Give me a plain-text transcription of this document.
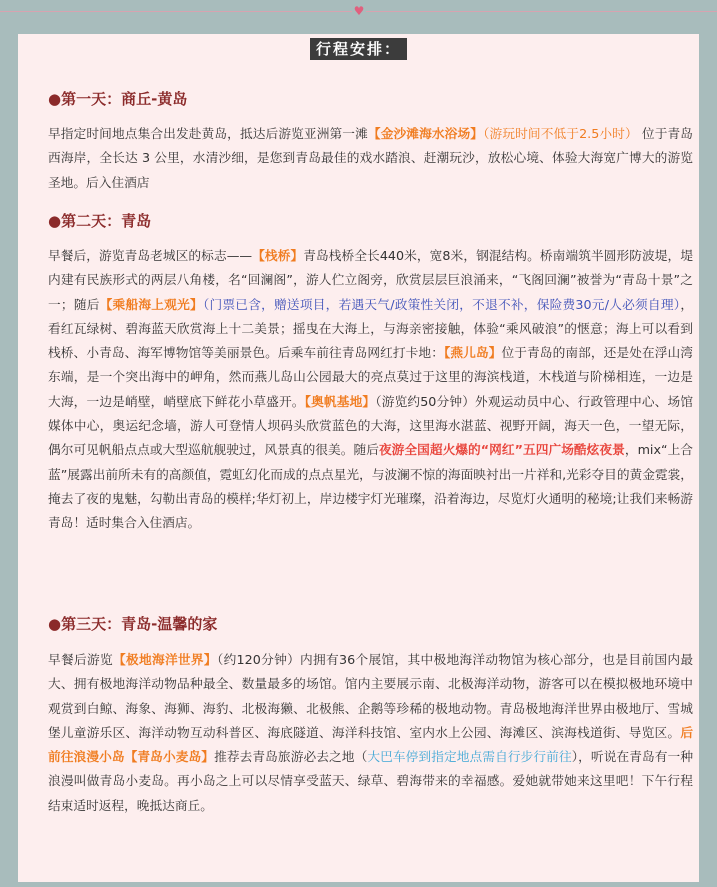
♥
行程安排：
●第一天：商丘-黄岛

早指定时间地点集合出发赴黄岛，抵达后游览亚洲第一滩【金沙滩海水浴场】（游玩时间不低于2.5小时） 位于青岛西海岸，全长达 3 公里，水清沙细，是您到青岛最佳的戏水踏浪、赶潮玩沙，放松心境、体验大海宽广博大的游览圣地。后入住酒店

●第二天：青岛

早餐后，游览青岛老城区的标志——【栈桥】青岛栈桥全长440米，宽8米，钢混结构。桥南端筑半圆形防波堤，堤内建有民族形式的两层八角楼，名“回澜阁”，游人伫立阁旁，欣赏层层巨浪涌来，“飞阁回澜”被誉为“青岛十景”之一；随后【乘船海上观光】（门票已含，赠送项目，若遇天气/政策性关闭，不退不补，保险费30元/人必须自理），看红瓦绿树、碧海蓝天欣赏海上十二美景；摇曳在大海上，与海亲密接触，体验“乘风破浪”的惬意；海上可以看到栈桥、小青岛、海军博物馆等美丽景色。后乘车前往青岛网红打卡地：【燕儿岛】位于青岛的南部，还是处在浮山湾东端，是一个突出海中的岬角，然而燕儿岛山公园最大的亮点莫过于这里的海滨栈道，木栈道与阶梯相连，一边是大海，一边是峭壁，峭壁底下鲜花小草盛开。【奥帆基地】（游览约50分钟）外观运动员中心、行政管理中心、场馆媒体中心，奥运纪念墙，游人可登情人坝码头欣赏蓝色的大海，这里海水湛蓝、视野开阔，海天一色，一望无际，偶尔可见帆船点点或大型巡航舰驶过，风景真的很美。随后夜游全国超火爆的“网红”五四广场酷炫夜景，mix“上合蓝”展露出前所未有的高颜值，霓虹幻化而成的点点星光，与波澜不惊的海面映衬出一片祥和,光彩夺目的黄金霓裳，掩去了夜的鬼魅，勾勒出青岛的模样;华灯初上，岸边楼宇灯光璀璨，沿着海边，尽览灯火通明的秘境;让我们来畅游青岛！适时集合入住酒店。

●第三天：青岛-温馨的家

早餐后游览【极地海洋世界】（约120分钟）内拥有36个展馆，其中极地海洋动物馆为核心部分，也是目前国内最大、拥有极地海洋动物品种最全、数量最多的场馆。馆内主要展示南、北极海洋动物，游客可以在模拟极地环境中观赏到白鲸、海象、海狮、海豹、北极海獭、北极熊、企鹅等珍稀的极地动物。青岛极地海洋世界由极地厅、雪城堡儿童游乐区、海洋动物互动科普区、海底隧道、海洋科技馆、室内水上公园、海滩区、滨海栈道街、导览区。后前往浪漫小岛【青岛小麦岛】推荐去青岛旅游必去之地（大巴车停到指定地点需自行步行前往），听说在青岛有一种浪漫叫做青岛小麦岛。再小岛之上可以尽情享受蓝天、绿草、碧海带来的幸福感。爱她就带她来这里吧！下午行程结束适时返程，晚抵达商丘。
